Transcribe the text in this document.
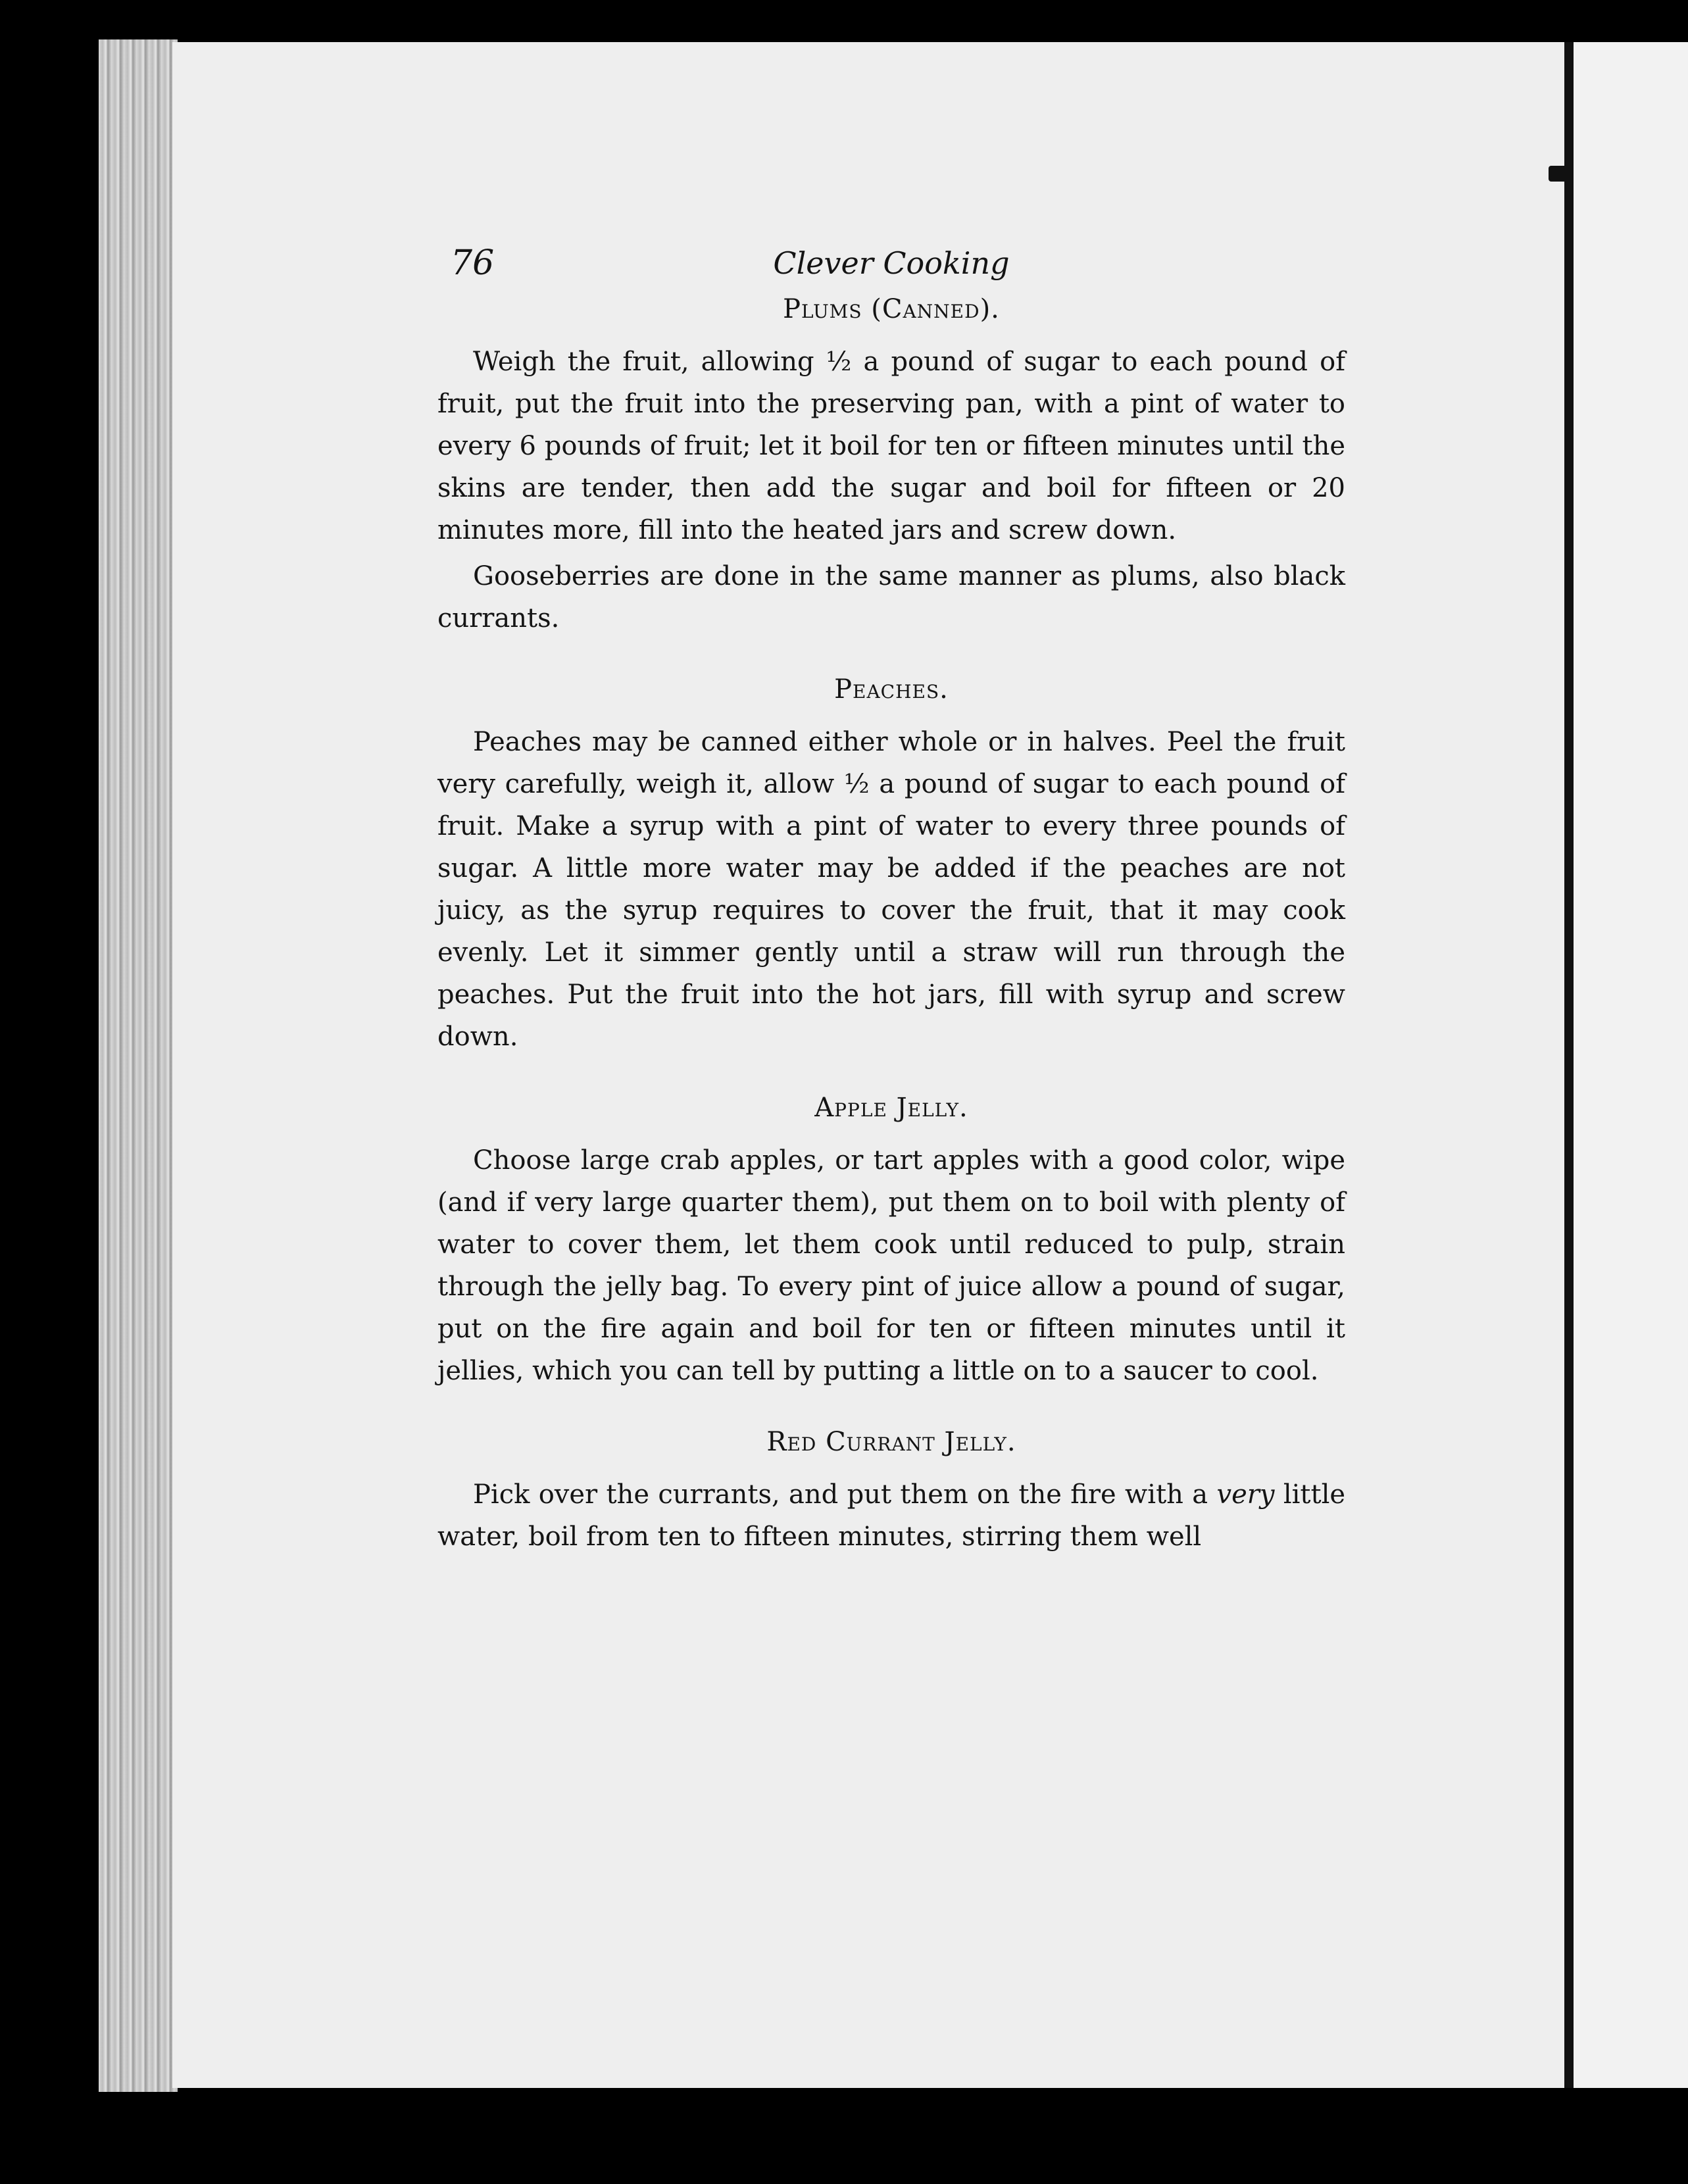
76	Clever Cooking
Plums (Canned).

Weigh the fruit, allowing ½ a pound of sugar to each pound of fruit, put the fruit into the preserving pan, with a pint of water to every 6 pounds of fruit; let it boil for ten or fifteen minutes until the skins are tender, then add the sugar and boil for fifteen or 20 minutes more, fill into the heated jars and screw down.

Gooseberries are done in the same manner as plums, also black currants.

Peaches.

Peaches may be canned either whole or in halves. Peel the fruit very carefully, weigh it, allow ½ a pound of sugar to each pound of fruit. Make a syrup with a pint of water to every three pounds of sugar. A little more water may be added if the peaches are not juicy, as the syrup requires to cover the fruit, that it may cook evenly. Let it simmer gently until a straw will run through the peaches. Put the fruit into the hot jars, fill with syrup and screw down.

Apple Jelly.

Choose large crab apples, or tart apples with a good color, wipe (and if very large quarter them), put them on to boil with plenty of water to cover them, let them cook until reduced to pulp, strain through the jelly bag. To every pint of juice allow a pound of sugar, put on the fire again and boil for ten or fifteen minutes until it jellies, which you can tell by putting a little on to a saucer to cool.

Red Currant Jelly.

Pick over the currants, and put them on the fire with a very little water, boil from ten to fifteen minutes, stirring them well
